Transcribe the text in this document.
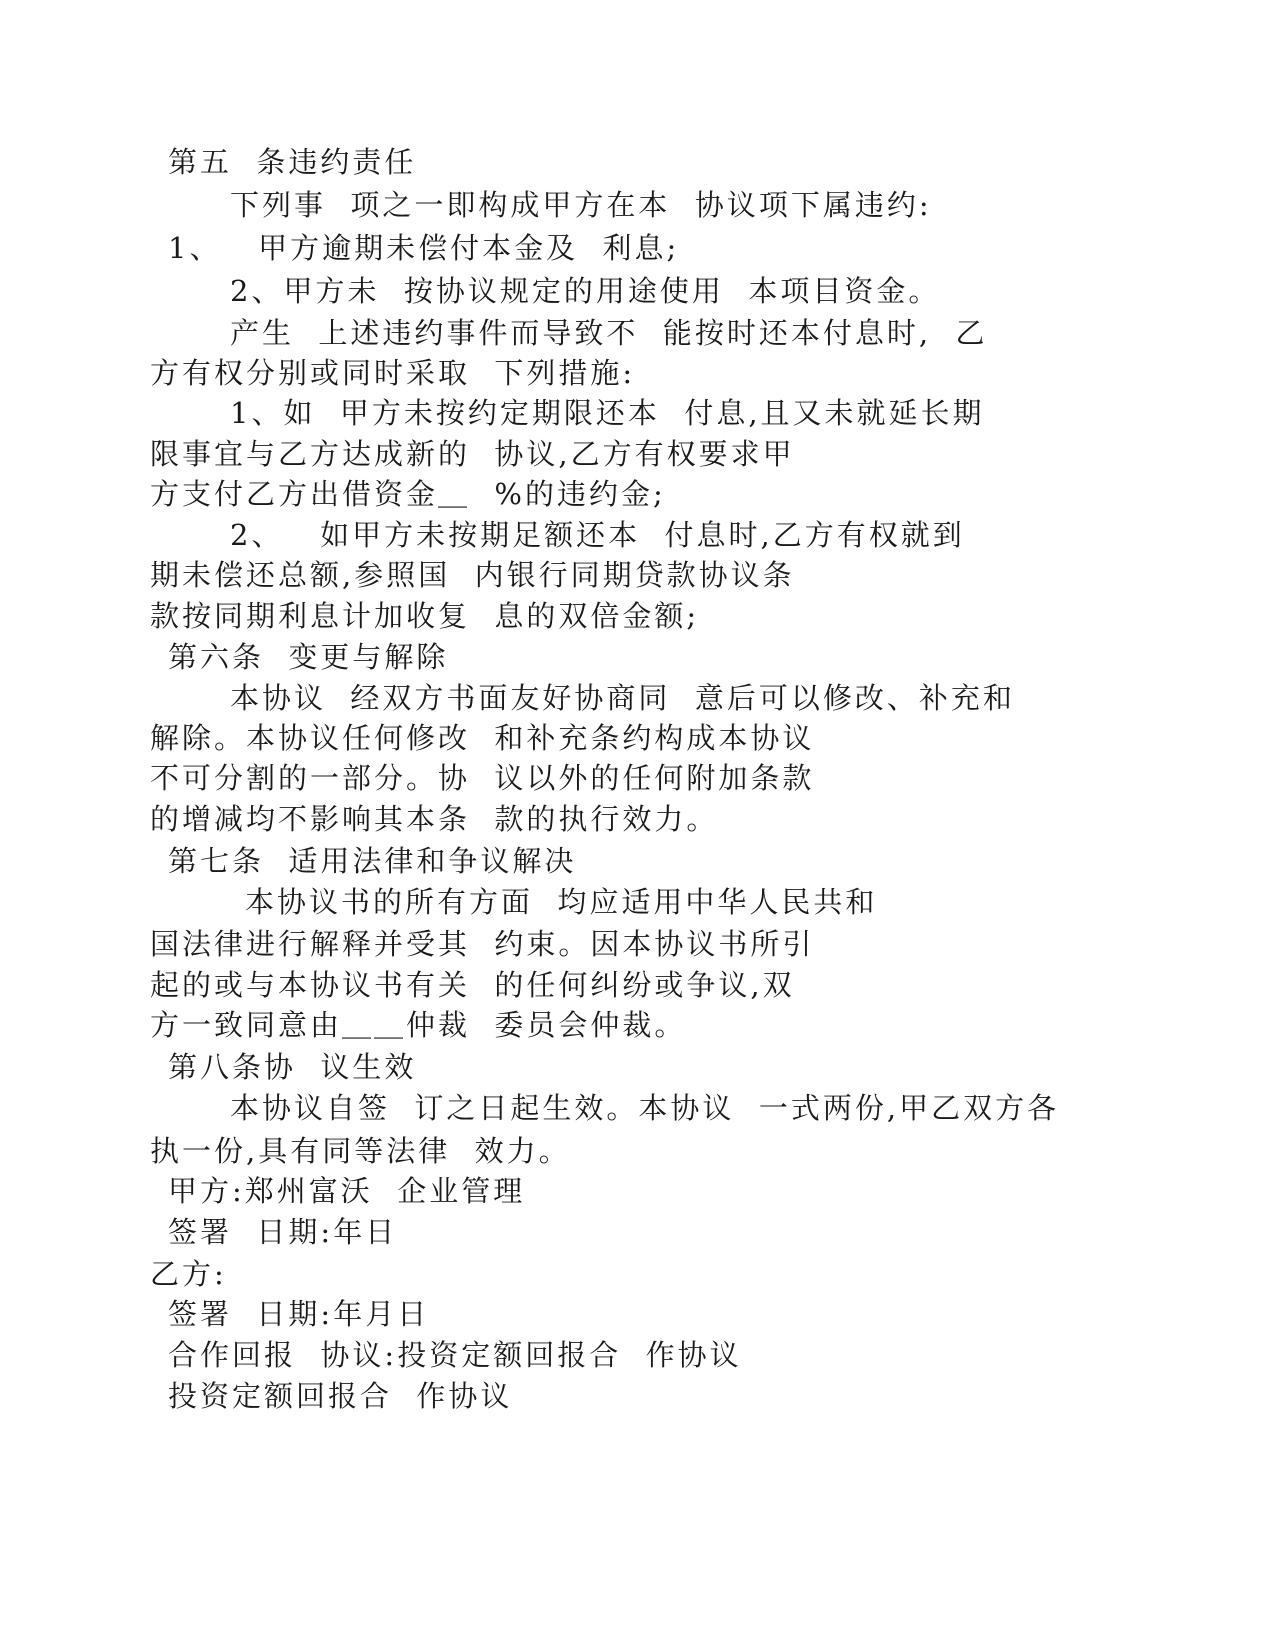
第五  条违约责任
下列事  项之一即构成甲方在本  协议项下属违约:
1、   甲方逾期未偿付本金及  利息;
2、甲方未  按协议规定的用途使用  本项目资金。
产生  上述违约事件而导致不  能按时还本付息时,  乙
方有权分别或同时采取  下列措施:
1、如  甲方未按约定期限还本  付息,且又未就延长期
限事宜与乙方达成新的  协议,乙方有权要求甲
方支付乙方出借资金＿  %的违约金;
2、   如甲方未按期足额还本  付息时,乙方有权就到
期未偿还总额,参照国  内银行同期贷款协议条
款按同期利息计加收复  息的双倍金额;
第六条  变更与解除
本协议  经双方书面友好协商同  意后可以修改、补充和
解除。本协议任何修改  和补充条约构成本协议
不可分割的一部分。协  议以外的任何附加条款
的增减均不影响其本条  款的执行效力。
第七条  适用法律和争议解决
本协议书的所有方面  均应适用中华人民共和
国法律进行解释并受其  约束。因本协议书所引
起的或与本协议书有关  的任何纠纷或争议,双
方一致同意由＿＿仲裁  委员会仲裁。
第八条协  议生效
本协议自签  订之日起生效。本协议  一式两份,甲乙双方各
执一份,具有同等法律  效力。
甲方:郑州富沃  企业管理
签署  日期:年日
乙方:
签署  日期:年月日
合作回报  协议:投资定额回报合  作协议
投资定额回报合  作协议
